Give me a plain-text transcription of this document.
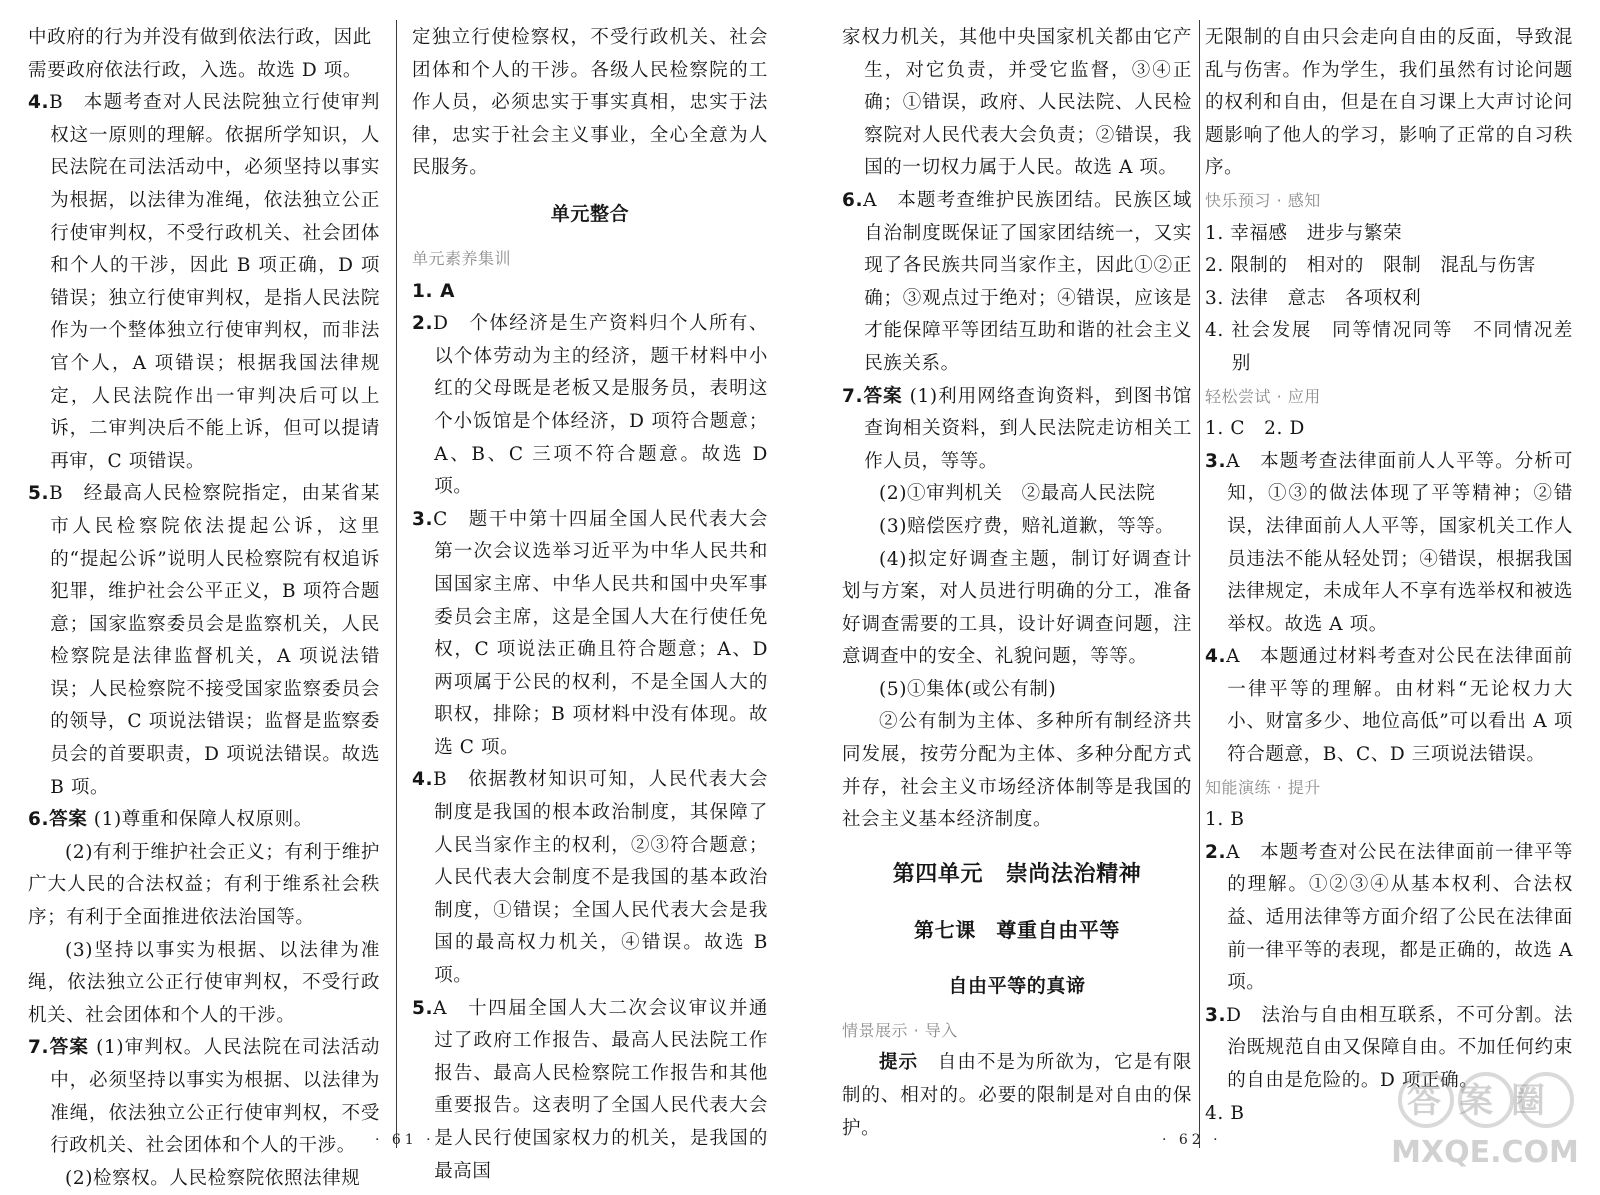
中政府的行为并没有做到依法行政，因此

需要政府依法行政，入选。故选 D 项。

4.B　本题考查对人民法院独立行使审判权这一原则的理解。依据所学知识，人民法院在司法活动中，必须坚持以事实为根据，以法律为准绳，依法独立公正行使审判权，不受行政机关、社会团体和个人的干涉，因此 B 项正确，D 项错误；独立行使审判权，是指人民法院作为一个整体独立行使审判权，而非法官个人，A 项错误；根据我国法律规定，人民法院作出一审判决后可以上诉，二审判决后不能上诉，但可以提请再审，C 项错误。

5.B　经最高人民检察院指定，由某省某市人民检察院依法提起公诉，这里的“提起公诉”说明人民检察院有权追诉犯罪，维护社会公平正义，B 项符合题意；国家监察委员会是监察机关，人民检察院是法律监督机关，A 项说法错误；人民检察院不接受国家监察委员会的领导，C 项说法错误；监督是监察委员会的首要职责，D 项说法错误。故选 B 项。

6.答案 (1)尊重和保障人权原则。

(2)有利于维护社会正义；有利于维护广大人民的合法权益；有利于维系社会秩序；有利于全面推进依法治国等。

(3)坚持以事实为根据、以法律为准绳，依法独立公正行使审判权，不受行政机关、社会团体和个人的干涉。

7.答案 (1)审判权。人民法院在司法活动中，必须坚持以事实为根据、以法律为准绳，依法独立公正行使审判权，不受行政机关、社会团体和个人的干涉。

(2)检察权。人民检察院依照法律规

定独立行使检察权，不受行政机关、社会团体和个人的干涉。各级人民检察院的工作人员，必须忠实于事实真相，忠实于法律，忠实于社会主义事业，全心全意为人民服务。

单元整合

单元素养集训

1. A

2.D　个体经济是生产资料归个人所有、以个体劳动为主的经济，题干材料中小红的父母既是老板又是服务员，表明这个小饭馆是个体经济，D 项符合题意；A、B、C 三项不符合题意。故选 D 项。

3.C　题干中第十四届全国人民代表大会第一次会议选举习近平为中华人民共和国国家主席、中华人民共和国中央军事委员会主席，这是全国人大在行使任免权，C 项说法正确且符合题意；A、D 两项属于公民的权利，不是全国人大的职权，排除；B 项材料中没有体现。故选 C 项。

4.B　依据教材知识可知，人民代表大会制度是我国的根本政治制度，其保障了人民当家作主的权利，②③符合题意；人民代表大会制度不是我国的基本政治制度，①错误；全国人民代表大会是我国的最高权力机关，④错误。故选 B 项。

5.A　十四届全国人大二次会议审议并通过了政府工作报告、最高人民法院工作报告、最高人民检察院工作报告和其他重要报告。这表明了全国人民代表大会是人民行使国家权力的机关，是我国的最高国

家权力机关，其他中央国家机关都由它产生，对它负责，并受它监督，③④正确；①错误，政府、人民法院、人民检察院对人民代表大会负责；②错误，我国的一切权力属于人民。故选 A 项。

6.A　本题考查维护民族团结。民族区域自治制度既保证了国家团结统一，又实现了各民族共同当家作主，因此①②正确；③观点过于绝对；④错误，应该是才能保障平等团结互助和谐的社会主义民族关系。

7.答案 (1)利用网络查询资料，到图书馆查询相关资料，到人民法院走访相关工作人员，等等。

(2)①审判机关　②最高人民法院

(3)赔偿医疗费，赔礼道歉，等等。

(4)拟定好调查主题，制订好调查计划与方案，对人员进行明确的分工，准备好调查需要的工具，设计好调查问题，注意调查中的安全、礼貌问题，等等。

(5)①集体(或公有制)

②公有制为主体、多种所有制经济共同发展，按劳分配为主体、多种分配方式并存，社会主义市场经济体制等是我国的社会主义基本经济制度。

第四单元　崇尚法治精神

第七课　尊重自由平等

自由平等的真谛

情景展示 · 导入

提示　 自由不是为所欲为，它是有限制的、相对的。必要的限制是对自由的保护。

无限制的自由只会走向自由的反面，导致混乱与伤害。作为学生，我们虽然有讨论问题的权利和自由，但是在自习课上大声讨论问题影响了他人的学习，影响了正常的自习秩序。

快乐预习 · 感知

1. 幸福感　进步与繁荣

2. 限制的　相对的　限制　混乱与伤害

3. 法律　意志　各项权利

4. 社会发展　同等情况同等　不同情况差别

轻松尝试 · 应用

1. C　2. D

3.A　本题考查法律面前人人平等。分析可知，①③的做法体现了平等精神；②错误，法律面前人人平等，国家机关工作人员违法不能从轻处罚；④错误，根据我国法律规定，未成年人不享有选举权和被选举权。故选 A 项。

4.A　本题通过材料考查对公民在法律面前一律平等的理解。由材料“无论权力大小、财富多少、地位高低”可以看出 A 项符合题意，B、C、D 三项说法错误。

知能演练 · 提升

1. B

2.A　本题考查对公民在法律面前一律平等的理解。①②③④从基本权利、合法权益、适用法律等方面介绍了公民在法律面前一律平等的表现，都是正确的，故选 A 项。

3.D　法治与自由相互联系，不可分割。法治既规范自由又保障自由。不加任何约束的自由是危险的。D 项正确。

4. B

· 61 ·	· 62 ·
答案圈
MXQE.COM
